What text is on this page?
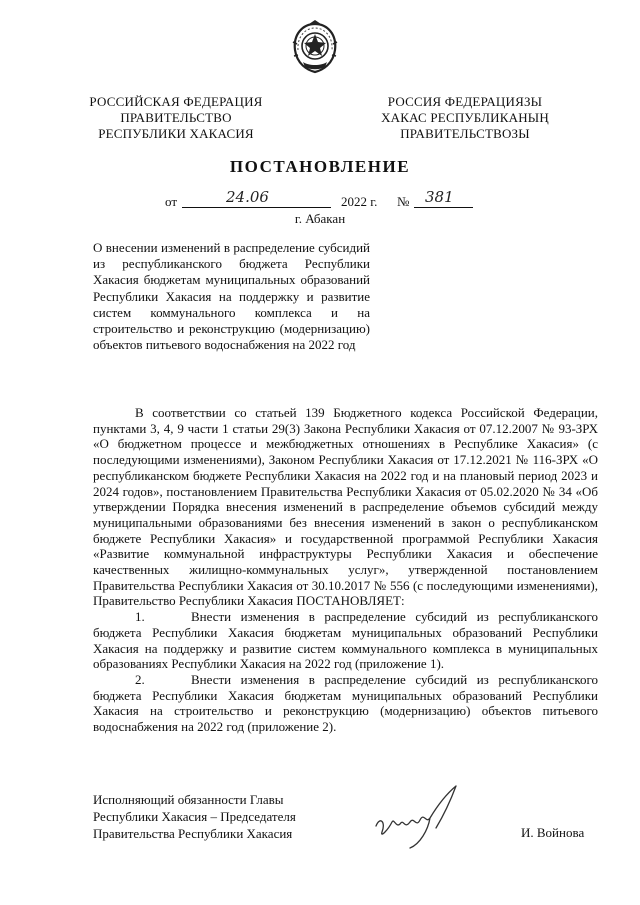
РОССИЙСКАЯ ФЕДЕРАЦИЯ
ПРАВИТЕЛЬСТВО
РЕСПУБЛИКИ ХАКАСИЯ
РОССИЯ ФЕДЕРАЦИЯЗЫ
ХАКАС РЕСПУБЛИКАНЫҢ
ПРАВИТЕЛЬСТВОЗЫ
ПОСТАНОВЛЕНИЕ
от	24.06	2022 г. № 381
г. Абакан
О внесении изменений в распределение субсидий из республиканского бюджета Республики Хакасия бюджетам муниципальных образований Республики Хакасия на поддержку и развитие систем коммунального комплекса и на строительство и реконструкцию (модернизацию) объектов питьевого водоснабжения на 2022 год

В соответствии со статьей 139 Бюджетного кодекса Российской Федерации, пунктами 3, 4, 9 части 1 статьи 29(3) Закона Республики Хакасия от 07.12.2007 № 93-ЗРХ «О бюджетном процессе и межбюджетных отношениях в Республике Хакасия» (с последующими изменениями), Законом Республики Хакасия от 17.12.2021 № 116-ЗРХ «О республиканском бюджете Республики Хакасия на 2022 год и на плановый период 2023 и 2024 годов», постановлением Правительства Республики Хакасия от 05.02.2020 № 34 «Об утверждении Порядка внесения изменений в распределение объемов субсидий между муниципальными образованиями без внесения изменений в закон о республиканском бюджете Республики Хакасия» и государственной программой Республики Хакасия «Развитие коммунальной инфраструктуры Республики Хакасия и обеспечение качественных жилищно-коммунальных услуг», утвержденной постановлением Правительства Республики Хакасия от 30.10.2017 № 556 (с последующими изменениями), Правительство Республики Хакасия ПОСТАНОВЛЯЕТ:

1.	Внести изменения в распределение субсидий из республиканского бюджета Республики Хакасия бюджетам муниципальных образований Республики Хакасия на поддержку и развитие систем коммунального комплекса в муниципальных образованиях Республики Хакасия на 2022 год (приложение 1).

2.	Внести изменения в распределение субсидий из республиканского бюджета Республики Хакасия бюджетам муниципальных образований Республики Хакасия на строительство и реконструкцию (модернизацию) объектов питьевого водоснабжения на 2022 год (приложение 2).

Исполняющий обязанности Главы
Республики Хакасия – Председателя
Правительства Республики Хакасия	И. Войнова
